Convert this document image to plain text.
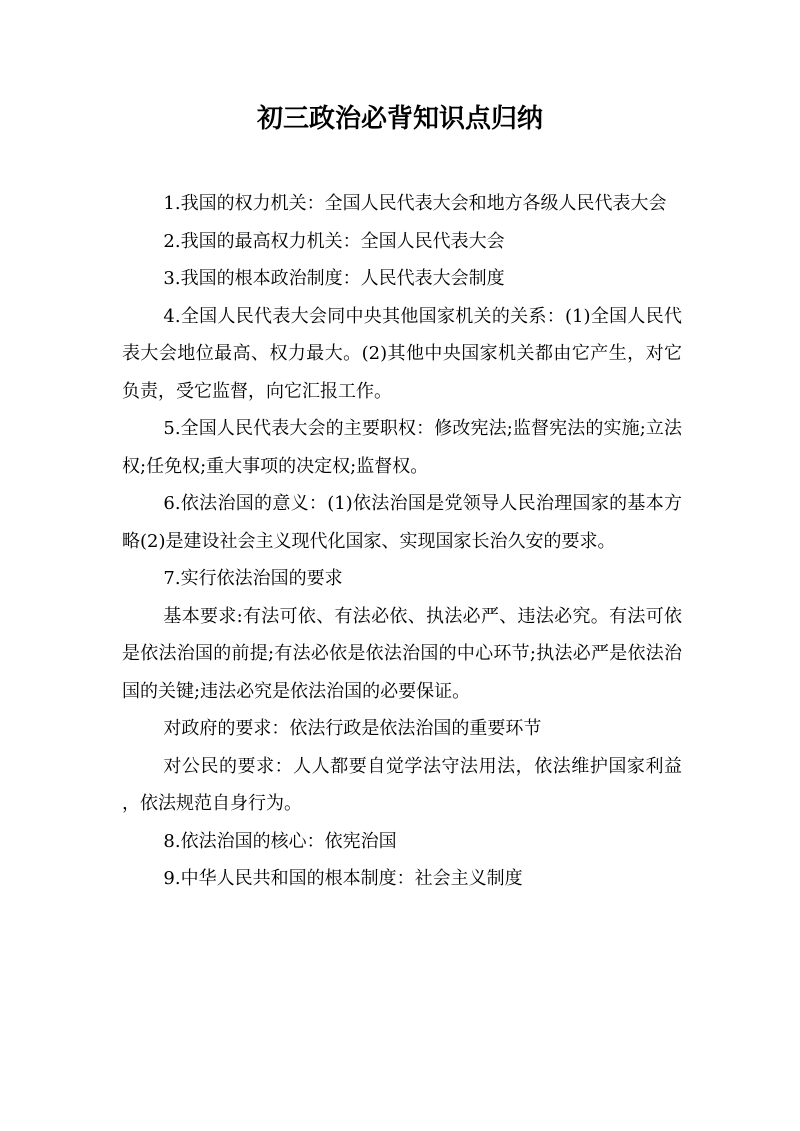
初三政治必背知识点归纳

1.我国的权力机关：全国人民代表大会和地方各级人民代表大会

2.我国的最高权力机关：全国人民代表大会

3.我国的根本政治制度：人民代表大会制度

4.全国人民代表大会同中央其他国家机关的关系：(1)全国人民代表大会地位最高、权力最大。(2)其他中央国家机关都由它产生，对它负责，受它监督，向它汇报工作。

5.全国人民代表大会的主要职权：修改宪法;监督宪法的实施;立法权;任免权;重大事项的决定权;监督权。

6.依法治国的意义：(1)依法治国是党领导人民治理国家的基本方略(2)是建设社会主义现代化国家、实现国家长治久安的要求。

7.实行依法治国的要求

基本要求:有法可依、有法必依、执法必严、违法必究。有法可依是依法治国的前提;有法必依是依法治国的中心环节;执法必严是依法治国的关键;违法必究是依法治国的必要保证。

对政府的要求：依法行政是依法治国的重要环节

对公民的要求：人人都要自觉学法守法用法，依法维护国家利益，依法规范自身行为。

8.依法治国的核心：依宪治国

9.中华人民共和国的根本制度：社会主义制度
